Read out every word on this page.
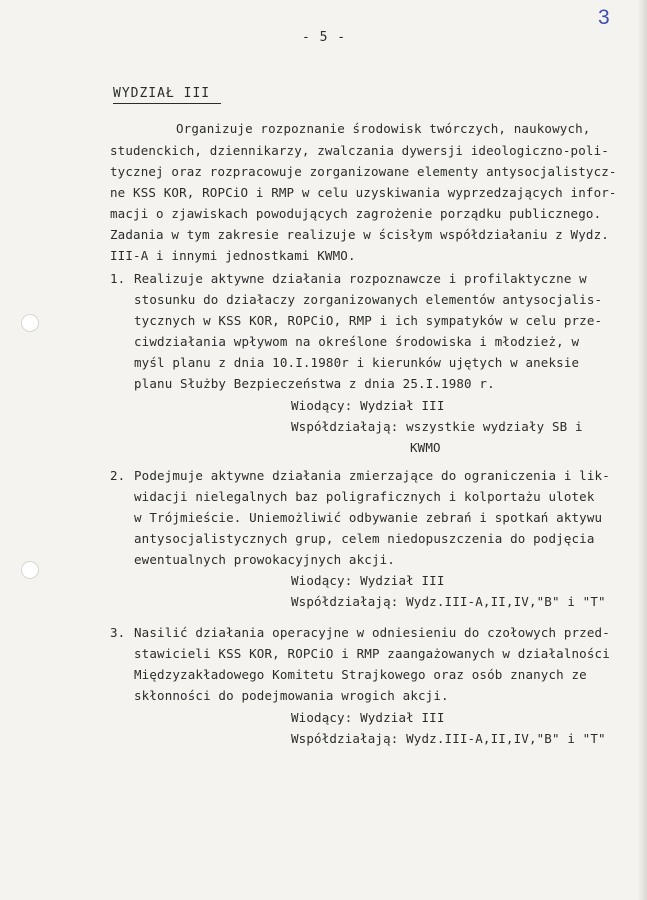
3
- 5 -
WYDZIAŁ III
Organizuje rozpoznanie środowisk twórczych, naukowych,
studenckich, dziennikarzy, zwalczania dywersji ideologiczno-poli-
tycznej oraz rozpracowuje zorganizowane elementy antysocjalistycz-
ne KSS KOR, ROPCiO i RMP w celu uzyskiwania wyprzedzających infor-
macji o zjawiskach powodujących zagrożenie porządku publicznego.
Zadania w tym zakresie realizuje w ścisłym współdziałaniu z Wydz.
III-A i innymi jednostkami KWMO.
1. Realizuje aktywne działania rozpoznawcze i profilaktyczne w
stosunku do działaczy zorganizowanych elementów antysocjalis-
tycznych w KSS KOR, ROPCiO, RMP i ich sympatyków w celu prze-
ciwdziałania wpływom na określone środowiska i młodzież, w
myśl planu z dnia 10.I.1980r i kierunków ujętych w aneksie
planu Służby Bezpieczeństwa z dnia 25.I.1980 r.
Wiodący: Wydział III
Współdziałają: wszystkie wydziały SB i
KWMO
2. Podejmuje aktywne działania zmierzające do ograniczenia i lik-
widacji nielegalnych baz poligraficznych i kolportażu ulotek
w Trójmieście. Uniemożliwić odbywanie zebrań i spotkań aktywu
antysocjalistycznych grup, celem niedopuszczenia do podjęcia
ewentualnych prowokacyjnych akcji.
Wiodący: Wydział III
Współdziałają: Wydz.III-A,II,IV,"B" i "T"
3. Nasilić działania operacyjne w odniesieniu do czołowych przed-
stawicieli KSS KOR, ROPCiO i RMP zaangażowanych w działalności
Międzyzakładowego Komitetu Strajkowego oraz osób znanych ze
skłonności do podejmowania wrogich akcji.
Wiodący: Wydział III
Współdziałają: Wydz.III-A,II,IV,"B" i "T"
